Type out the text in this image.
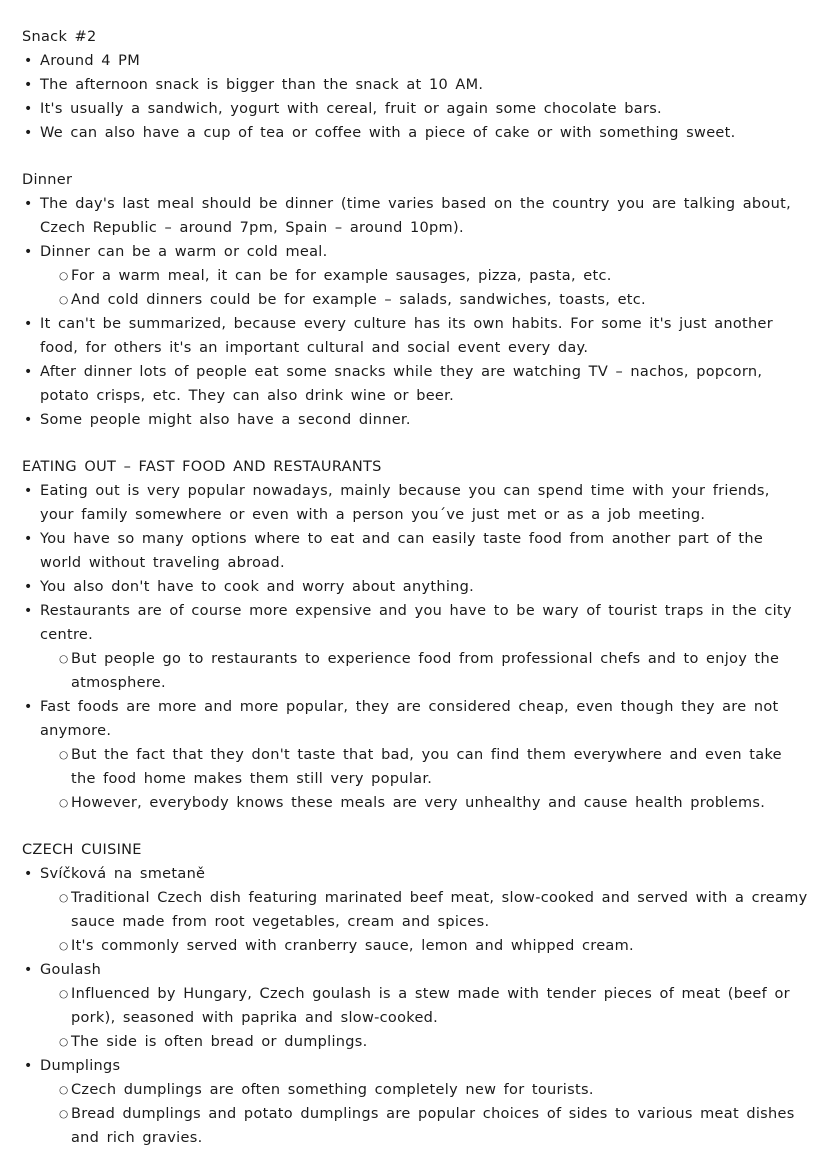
Snack #2
• Around 4 PM
• The afternoon snack is bigger than the snack at 10 AM.
• It's usually a sandwich, yogurt with cereal, fruit or again some chocolate bars.
• We can also have a cup of tea or coffee with a piece of cake or with something sweet.
Dinner
• The day's last meal should be dinner (time varies based on the country you are talking about, Czech Republic – around 7pm, Spain – around 10pm).
• Dinner can be a warm or cold meal.
○ For a warm meal, it can be for example sausages, pizza, pasta, etc.
○ And cold dinners could be for example – salads, sandwiches, toasts, etc.
• It can't be summarized, because every culture has its own habits. For some it's just another food, for others it's an important cultural and social event every day.
• After dinner lots of people eat some snacks while they are watching TV – nachos, popcorn, potato crisps, etc. They can also drink wine or beer.
• Some people might also have a second dinner.
EATING OUT – FAST FOOD AND RESTAURANTS
• Eating out is very popular nowadays, mainly because you can spend time with your friends, your family somewhere or even with a person you´ve just met or as a job meeting.
• You have so many options where to eat and can easily taste food from another part of the world without traveling abroad.
• You also don't have to cook and worry about anything.
• Restaurants are of course more expensive and you have to be wary of tourist traps in the city centre.
○ But people go to restaurants to experience food from professional chefs and to enjoy the atmosphere.
• Fast foods are more and more popular, they are considered cheap, even though they are not anymore.
○ But the fact that they don't taste that bad, you can find them everywhere and even take the food home makes them still very popular.
○ However, everybody knows these meals are very unhealthy and cause health problems.
CZECH CUISINE
• Svíčková na smetaně
○ Traditional Czech dish featuring marinated beef meat, slow-cooked and served with a creamy sauce made from root vegetables, cream and spices.
○ It's commonly served with cranberry sauce, lemon and whipped cream.
• Goulash
○ Influenced by Hungary, Czech goulash is a stew made with tender pieces of meat (beef or pork), seasoned with paprika and slow-cooked.
○ The side is often bread or dumplings.
• Dumplings
○ Czech dumplings are often something completely new for tourists.
○ Bread dumplings and potato dumplings are popular choices of sides to various meat dishes and rich gravies.
